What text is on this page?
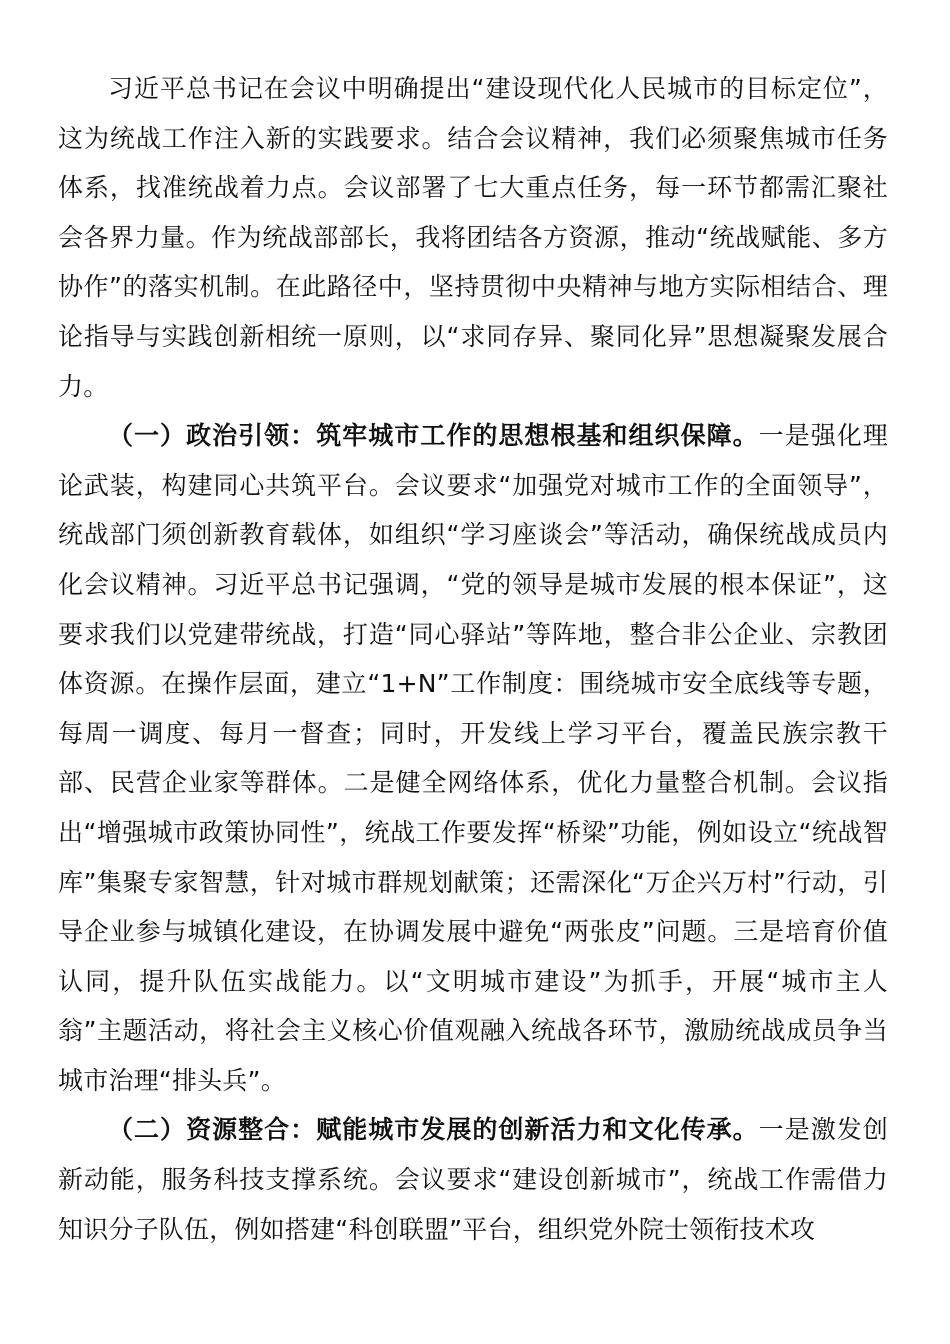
习近平总书记在会议中明确提出“建设现代化人民城市的目标定位”，这为统战工作注入新的实践要求。结合会议精神，我们必须聚焦城市任务体系，找准统战着力点。会议部署了七大重点任务，每一环节都需汇聚社会各界力量。作为统战部部长，我将团结各方资源，推动“统战赋能、多方协作”的落实机制。在此路径中，坚持贯彻中央精神与地方实际相结合、理论指导与实践创新相统一原则，以“求同存异、聚同化异”思想凝聚发展合力。

（一）政治引领：筑牢城市工作的思想根基和组织保障。一是强化理论武装，构建同心共筑平台。会议要求“加强党对城市工作的全面领导”，统战部门须创新教育载体，如组织“学习座谈会”等活动，确保统战成员内化会议精神。习近平总书记强调，“党的领导是城市发展的根本保证”，这要求我们以党建带统战，打造“同心驿站”等阵地，整合非公企业、宗教团体资源。在操作层面，建立“1+N”工作制度：围绕城市安全底线等专题，每周一调度、每月一督查；同时，开发线上学习平台，覆盖民族宗教干部、民营企业家等群体。二是健全网络体系，优化力量整合机制。会议指出“增强城市政策协同性”，统战工作要发挥“桥梁”功能，例如设立“统战智库”集聚专家智慧，针对城市群规划献策；还需深化“万企兴万村”行动，引导企业参与城镇化建设，在协调发展中避免“两张皮”问题。三是培育价值认同，提升队伍实战能力。以“文明城市建设”为抓手，开展“城市主人翁”主题活动，将社会主义核心价值观融入统战各环节，激励统战成员争当城市治理“排头兵”。

（二）资源整合：赋能城市发展的创新活力和文化传承。一是激发创新动能，服务科技支撑系统。会议要求“建设创新城市”，统战工作需借力知识分子队伍，例如搭建“科创联盟”平台，组织党外院士领衔技术攻
